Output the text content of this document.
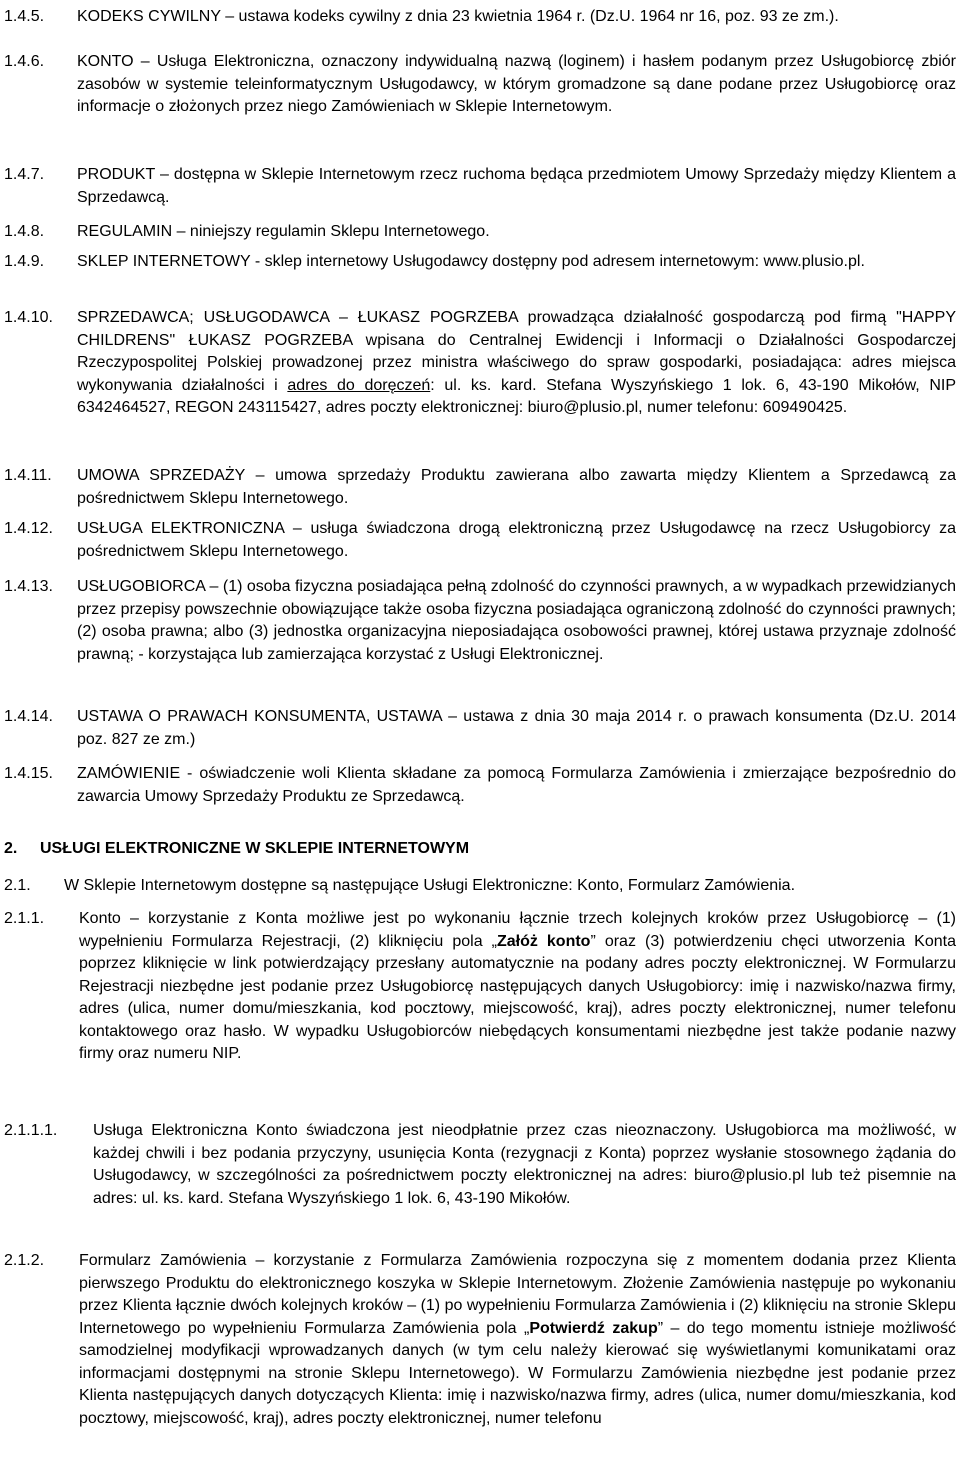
1.4.5. KODEKS CYWILNY – ustawa kodeks cywilny z dnia 23 kwietnia 1964 r. (Dz.U. 1964 nr 16, poz. 93 ze zm.).
1.4.6. KONTO – Usługa Elektroniczna, oznaczony indywidualną nazwą (loginem) i hasłem podanym przez Usługobiorcę zbiór zasobów w systemie teleinformatycznym Usługodawcy, w którym gromadzone są dane podane przez Usługobiorcę oraz informacje o złożonych przez niego Zamówieniach w Sklepie Internetowym.
1.4.7. PRODUKT – dostępna w Sklepie Internetowym rzecz ruchoma będąca przedmiotem Umowy Sprzedaży między Klientem a Sprzedawcą.
1.4.8. REGULAMIN – niniejszy regulamin Sklepu Internetowego.
1.4.9. SKLEP INTERNETOWY - sklep internetowy Usługodawcy dostępny pod adresem internetowym: www.plusio.pl.
1.4.10. SPRZEDAWCA; USŁUGODAWCA – ŁUKASZ POGRZEBA prowadząca działalność gospodarczą pod firmą "HAPPY CHILDRENS" ŁUKASZ POGRZEBA wpisana do Centralnej Ewidencji i Informacji o Działalności Gospodarczej Rzeczypospolitej Polskiej prowadzonej przez ministra właściwego do spraw gospodarki, posiadająca: adres miejsca wykonywania działalności i adres do doręczeń: ul. ks. kard. Stefana Wyszyńskiego 1 lok. 6, 43-190 Mikołów, NIP 6342464527, REGON 243115427, adres poczty elektronicznej: biuro@plusio.pl, numer telefonu: 609490425.
1.4.11. UMOWA SPRZEDAŻY – umowa sprzedaży Produktu zawierana albo zawarta między Klientem a Sprzedawcą za pośrednictwem Sklepu Internetowego.
1.4.12. USŁUGA ELEKTRONICZNA – usługa świadczona drogą elektroniczną przez Usługodawcę na rzecz Usługobiorcy za pośrednictwem Sklepu Internetowego.
1.4.13. USŁUGOBIORCA – (1) osoba fizyczna posiadająca pełną zdolność do czynności prawnych, a w wypadkach przewidzianych przez przepisy powszechnie obowiązujące także osoba fizyczna posiadająca ograniczoną zdolność do czynności prawnych; (2) osoba prawna; albo (3) jednostka organizacyjna nieposiadająca osobowości prawnej, której ustawa przyznaje zdolność prawną; - korzystająca lub zamierzająca korzystać z Usługi Elektronicznej.
1.4.14. USTAWA O PRAWACH KONSUMENTA, USTAWA – ustawa z dnia 30 maja 2014 r. o prawach konsumenta (Dz.U. 2014 poz. 827 ze zm.)
1.4.15. ZAMÓWIENIE - oświadczenie woli Klienta składane za pomocą Formularza Zamówienia i zmierzające bezpośrednio do zawarcia Umowy Sprzedaży Produktu ze Sprzedawcą.
2. USŁUGI ELEKTRONICZNE W SKLEPIE INTERNETOWYM
2.1. W Sklepie Internetowym dostępne są następujące Usługi Elektroniczne: Konto, Formularz Zamówienia.
2.1.1. Konto – korzystanie z Konta możliwe jest po wykonaniu łącznie trzech kolejnych kroków przez Usługobiorcę – (1) wypełnieniu Formularza Rejestracji, (2) kliknięciu pola „Załóż konto” oraz (3) potwierdzeniu chęci utworzenia Konta poprzez kliknięcie w link potwierdzający przesłany automatycznie na podany adres poczty elektronicznej. W Formularzu Rejestracji niezbędne jest podanie przez Usługobiorcę następujących danych Usługobiorcy: imię i nazwisko/nazwa firmy, adres (ulica, numer domu/mieszkania, kod pocztowy, miejscowość, kraj), adres poczty elektronicznej, numer telefonu kontaktowego oraz hasło. W wypadku Usługobiorców niebędących konsumentami niezbędne jest także podanie nazwy firmy oraz numeru NIP.
2.1.1.1. Usługa Elektroniczna Konto świadczona jest nieodpłatnie przez czas nieoznaczony. Usługobiorca ma możliwość, w każdej chwili i bez podania przyczyny, usunięcia Konta (rezygnacji z Konta) poprzez wysłanie stosownego żądania do Usługodawcy, w szczególności za pośrednictwem poczty elektronicznej na adres: biuro@plusio.pl lub też pisemnie na adres: ul. ks. kard. Stefana Wyszyńskiego 1 lok. 6, 43-190 Mikołów.
2.1.2. Formularz Zamówienia – korzystanie z Formularza Zamówienia rozpoczyna się z momentem dodania przez Klienta pierwszego Produktu do elektronicznego koszyka w Sklepie Internetowym. Złożenie Zamówienia następuje po wykonaniu przez Klienta łącznie dwóch kolejnych kroków – (1) po wypełnieniu Formularza Zamówienia i (2) kliknięciu na stronie Sklepu Internetowego po wypełnieniu Formularza Zamówienia pola „Potwierdź zakup” – do tego momentu istnieje możliwość samodzielnej modyfikacji wprowadzanych danych (w tym celu należy kierować się wyświetlanymi komunikatami oraz informacjami dostępnymi na stronie Sklepu Internetowego). W Formularzu Zamówienia niezbędne jest podanie przez Klienta następujących danych dotyczących Klienta: imię i nazwisko/nazwa firmy, adres (ulica, numer domu/mieszkania, kod pocztowy, miejscowość, kraj), adres poczty elektronicznej, numer telefonu
